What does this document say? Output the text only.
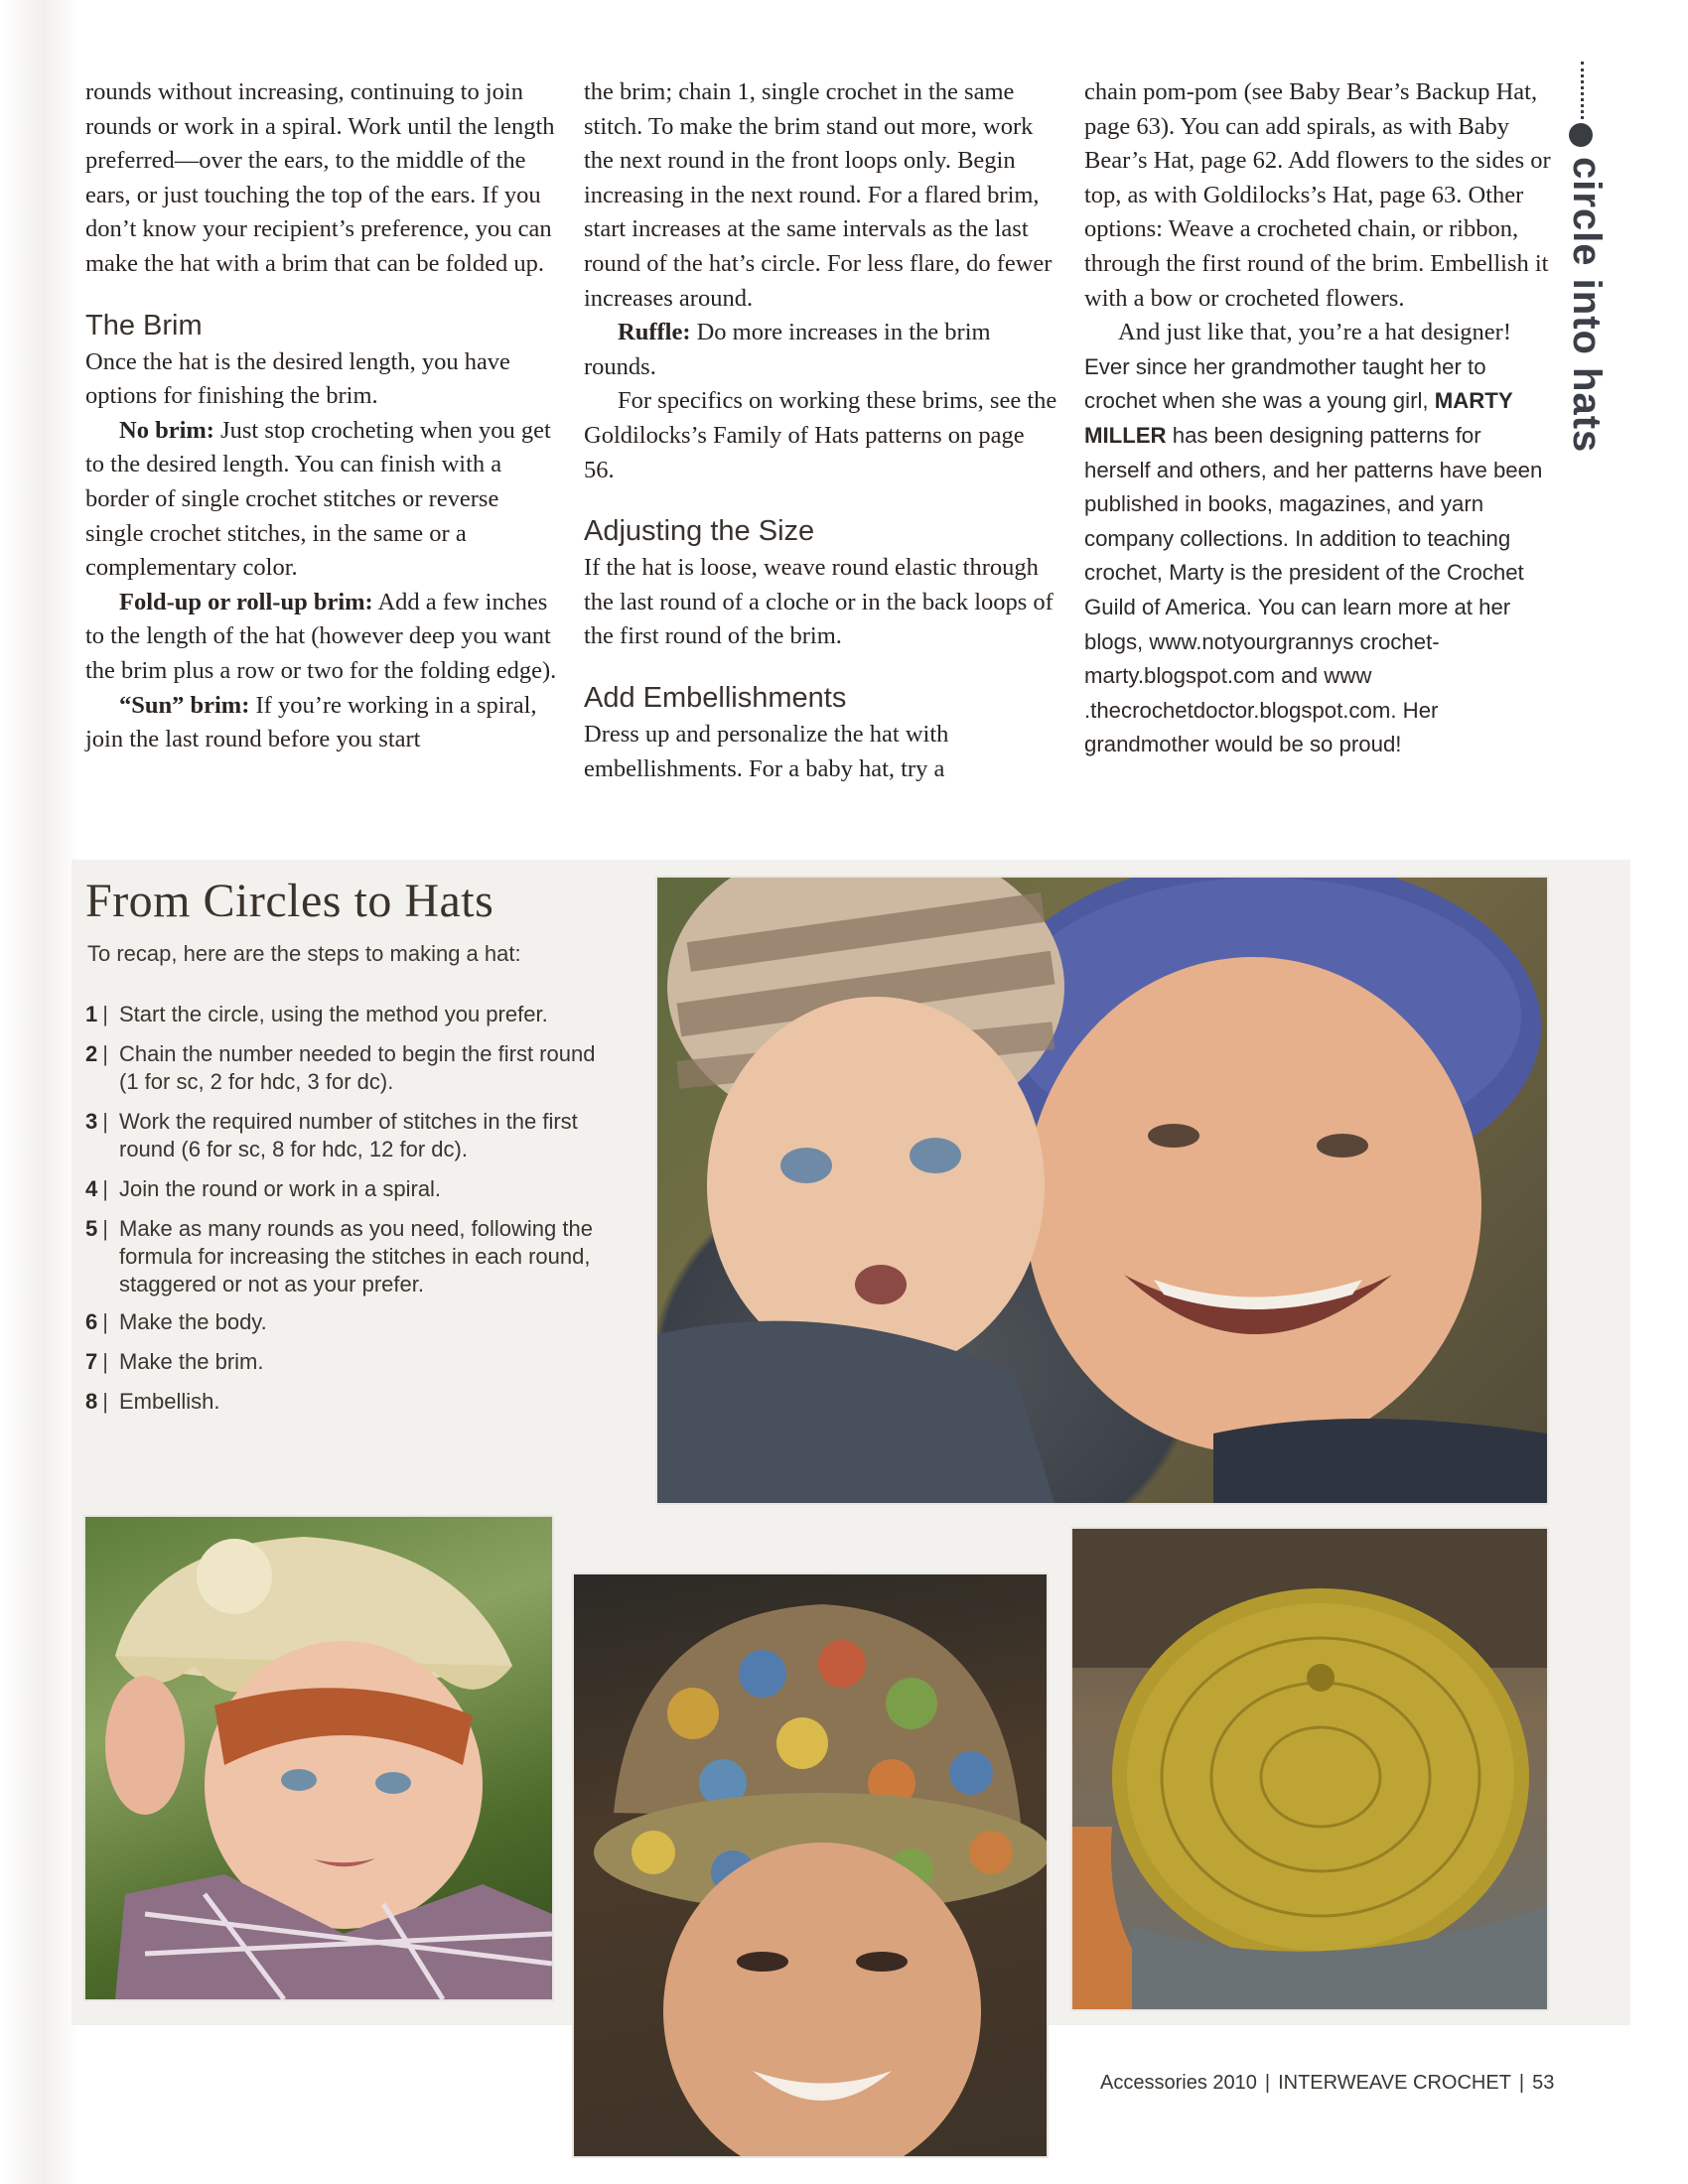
rounds without increasing, continuing to join rounds or work in a spiral. Work until the length preferred—over the ears, to the middle of the ears, or just touching the top of the ears. If you don’t know your recipient’s preference, you can make the hat with a brim that can be folded up.

The Brim

Once the hat is the desired length, you have options for finishing the brim.

No brim: Just stop crocheting when you get to the desired length. You can finish with a border of single crochet stitches or reverse single crochet stitches, in the same or a complementary color.

Fold-up or roll-up brim: Add a few inches to the length of the hat (however deep you want the brim plus a row or two for the folding edge).

“Sun” brim: If you’re working in a spiral, join the last round before you start

the brim; chain 1, single crochet in the same stitch. To make the brim stand out more, work the next round in the front loops only. Begin increasing in the next round. For a flared brim, start increases at the same intervals as the last round of the hat’s circle. For less flare, do fewer increases around.

Ruffle: Do more increases in the brim rounds.

For specifics on working these brims, see the Goldilocks’s Family of Hats patterns on page 56.

Adjusting the Size

If the hat is loose, weave round elastic through the last round of a cloche or in the back loops of the first round of the brim.

Add Embellishments

Dress up and personalize the hat with embellishments. For a baby hat, try a

chain pom-pom (see Baby Bear’s Backup Hat, page 63). You can add spirals, as with Baby Bear’s Hat, page 62. Add flowers to the sides or top, as with Goldilocks’s Hat, page 63. Other options: Weave a crocheted chain, or ribbon, through the first round of the brim. Embellish it with a bow or crocheted flowers.

And just like that, you’re a hat designer!

Ever since her grandmother taught her to crochet when she was a young girl, MARTY MILLER has been designing patterns for herself and others, and her patterns have been published in books, magazines, and yarn company collections. In addition to teaching crochet, Marty is the president of the Crochet Guild of America. You can learn more at her blogs, www.notyourgrannys crochet-marty.blogspot.com and www .thecrochetdoctor.blogspot.com. Her grandmother would be so proud!

circle into hats
From Circles to Hats
To recap, here are the steps to making a hat:
1 | Start the circle, using the method you prefer.
2 | Chain the number needed to begin the first round (1 for sc, 2 for hdc, 3 for dc).
3 | Work the required number of stitches in the first round (6 for sc, 8 for hdc, 12 for dc).
4 | Join the round or work in a spiral.
5 | Make as many rounds as you need, following the formula for increasing the stitches in each round, staggered or not as your prefer.
6 | Make the body.
7 | Make the brim.
8 | Embellish.
Accessories 2010 | INTERWEAVE CROCHET | 53
